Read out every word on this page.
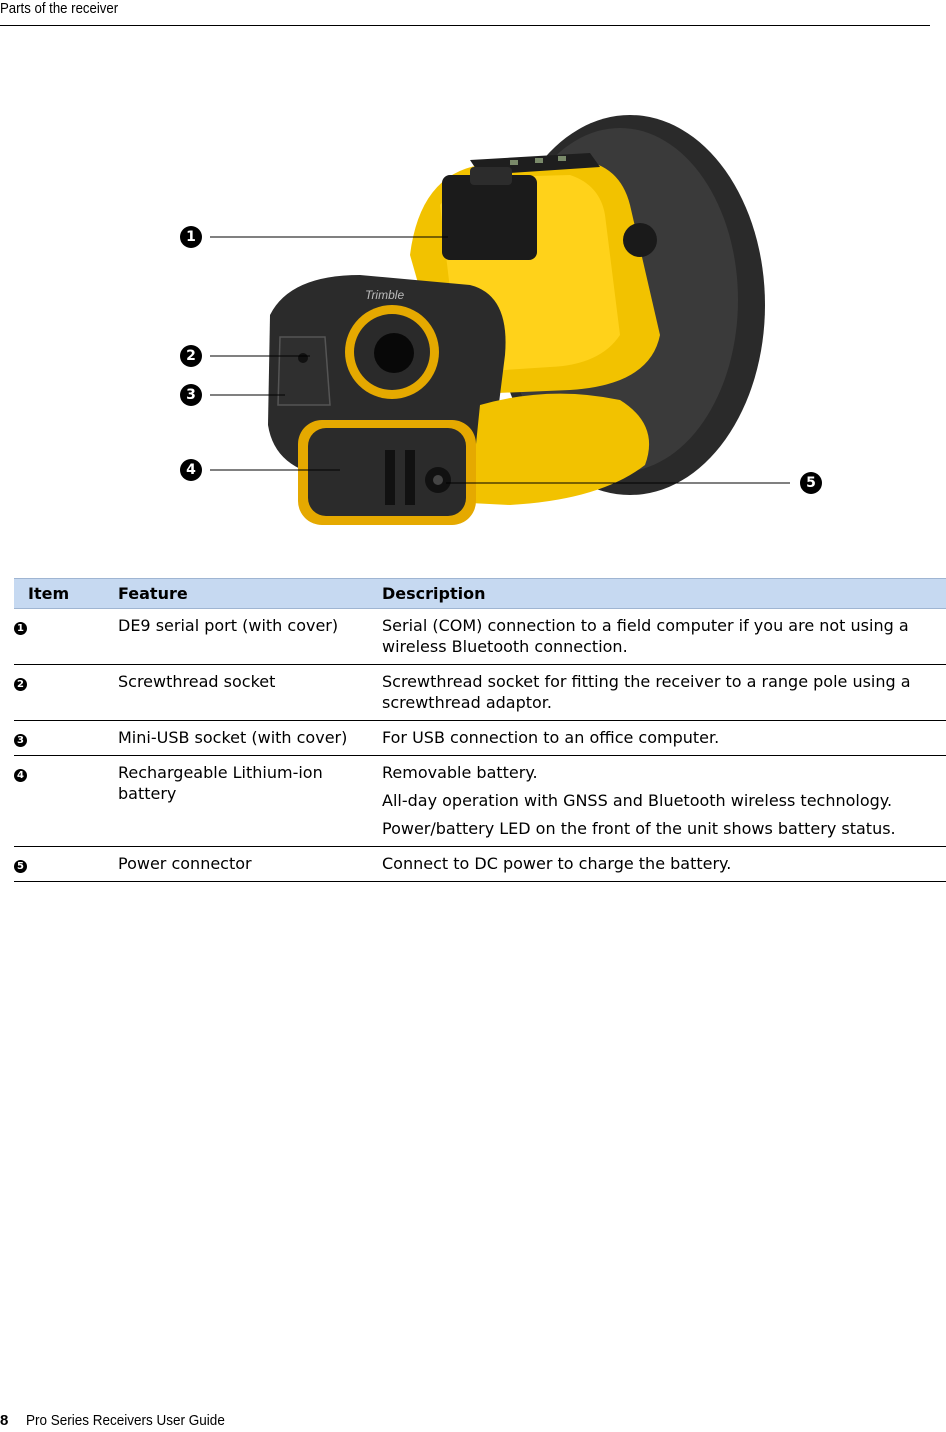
Parts of the receiver
Trimble
1
2
3
4
5
Item	Feature	Description
1	DE9 serial port (with cover)	Serial (COM) connection to a field computer if you are not using a wireless Bluetooth connection.

2	Screwthread socket	Screwthread socket for fitting the receiver to a range pole using a screwthread adaptor.

3	Mini-USB socket (with cover)	For USB connection to an office computer.

4	Rechargeable Lithium-ion battery	Removable battery.
All-day operation with GNSS and Bluetooth wireless technology.
Power/battery LED on the front of the unit shows battery status.

5	Power connector	Connect to DC power to charge the battery.
8 Pro Series Receivers User Guide
